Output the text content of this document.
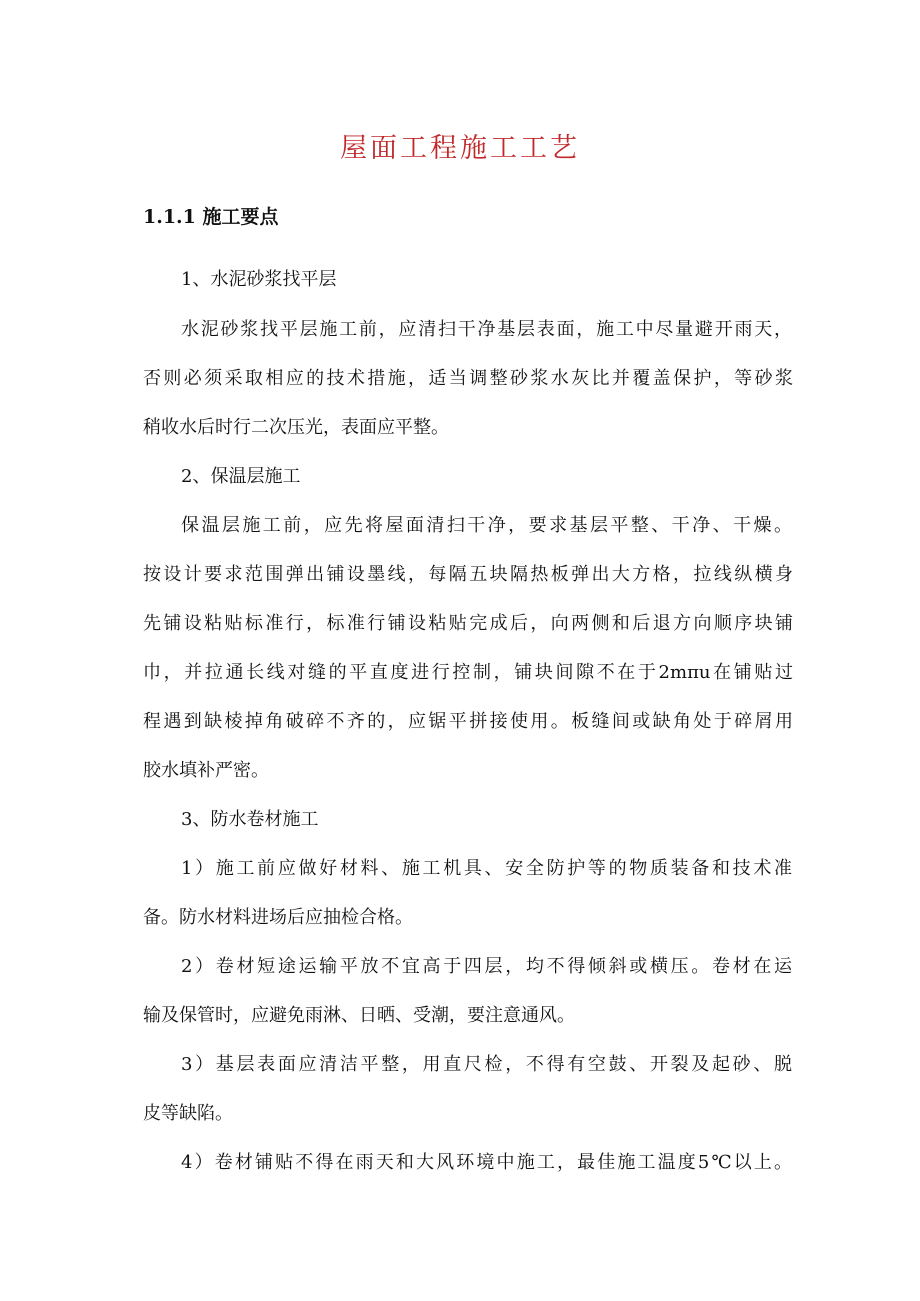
屋面工程施工工艺
1.1.1 施工要点
1、水泥砂浆找平层
水泥砂浆找平层施工前，应清扫干净基层表面，施工中尽量避开雨天，
否则必须采取相应的技术措施，适当调整砂浆水灰比并覆盖保护，等砂浆
稍收水后时行二次压光，表面应平整。
2、保温层施工
保温层施工前，应先将屋面清扫干净，要求基层平整、干净、干燥。
按设计要求范围弹出铺设墨线，每隔五块隔热板弹出大方格，拉线纵横身
先铺设粘贴标准行，标准行铺设粘贴完成后，向两侧和后退方向顺序块铺
巾，并拉通长线对缝的平直度进行控制，铺块间隙不在于2mπu在铺贴过
程遇到缺棱掉角破碎不齐的，应锯平拼接使用。板缝间或缺角处于碎屑用
胶水填补严密。
3、防水卷材施工
1）施工前应做好材料、施工机具、安全防护等的物质装备和技术准
备。防水材料进场后应抽检合格。
2）卷材短途运输平放不宜高于四层，均不得倾斜或横压。卷材在运
输及保管时，应避免雨淋、日晒、受潮，要注意通风。
3）基层表面应清洁平整，用直尺检，不得有空鼓、开裂及起砂、脱
皮等缺陷。
4）卷材铺贴不得在雨天和大风环境中施工，最佳施工温度5℃以上。
